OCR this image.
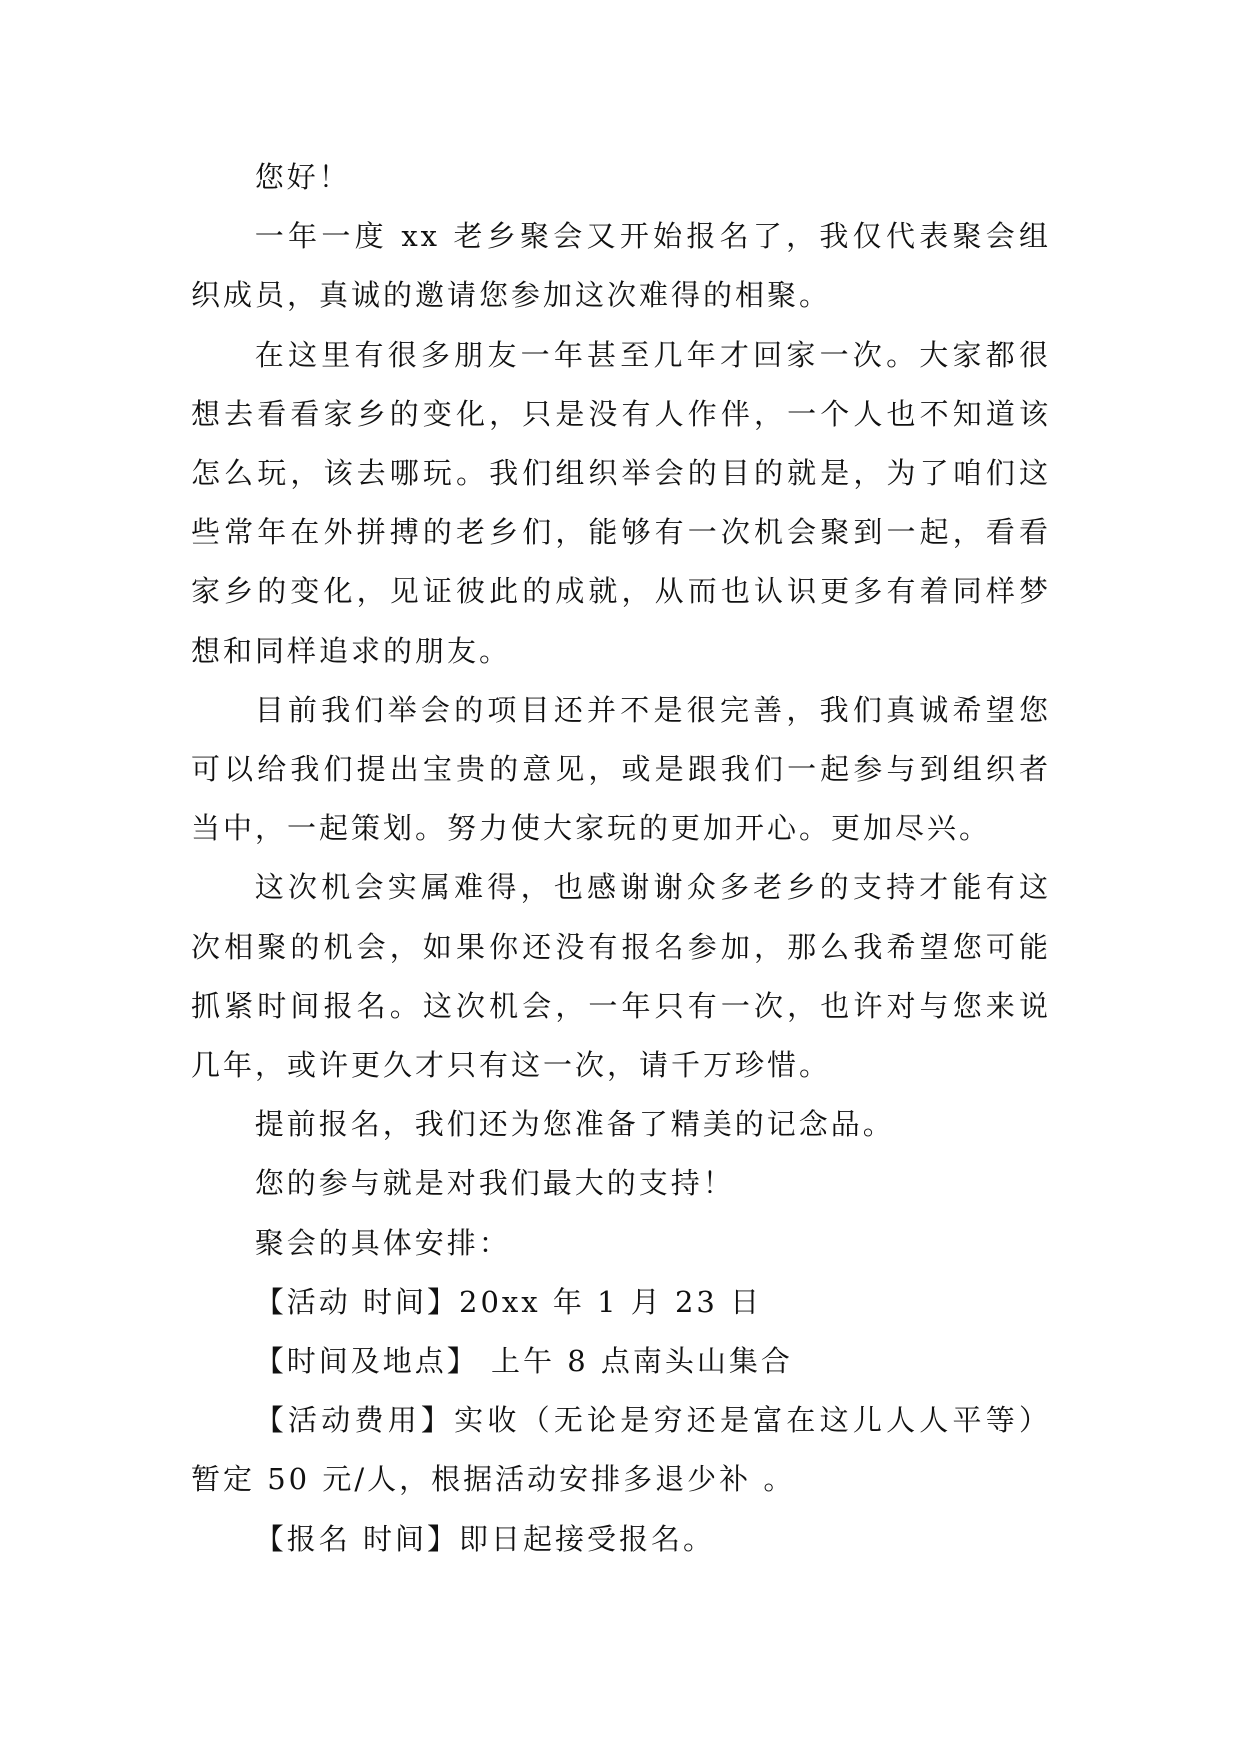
您好！

一年一度 xx 老乡聚会又开始报名了，我仅代表聚会组织成员，真诚的邀请您参加这次难得的相聚。

在这里有很多朋友一年甚至几年才回家一次。大家都很想去看看家乡的变化，只是没有人作伴，一个人也不知道该怎么玩，该去哪玩。我们组织举会的目的就是，为了咱们这些常年在外拼搏的老乡们，能够有一次机会聚到一起，看看家乡的变化，见证彼此的成就，从而也认识更多有着同样梦想和同样追求的朋友。

目前我们举会的项目还并不是很完善，我们真诚希望您可以给我们提出宝贵的意见，或是跟我们一起参与到组织者当中，一起策划。努力使大家玩的更加开心。更加尽兴。

这次机会实属难得，也感谢谢众多老乡的支持才能有这次相聚的机会，如果你还没有报名参加，那么我希望您可能抓紧时间报名。这次机会，一年只有一次，也许对与您来说几年，或许更久才只有这一次，请千万珍惜。

提前报名，我们还为您准备了精美的记念品。

您的参与就是对我们最大的支持！

聚会的具体安排：

【活动 时间】20xx 年 1 月 23 日

【时间及地点】 上午 8 点南头山集合

【活动费用】实收（无论是穷还是富在这儿人人平等）暂定 50 元/人，根据活动安排多退少补 。

【报名 时间】即日起接受报名。
